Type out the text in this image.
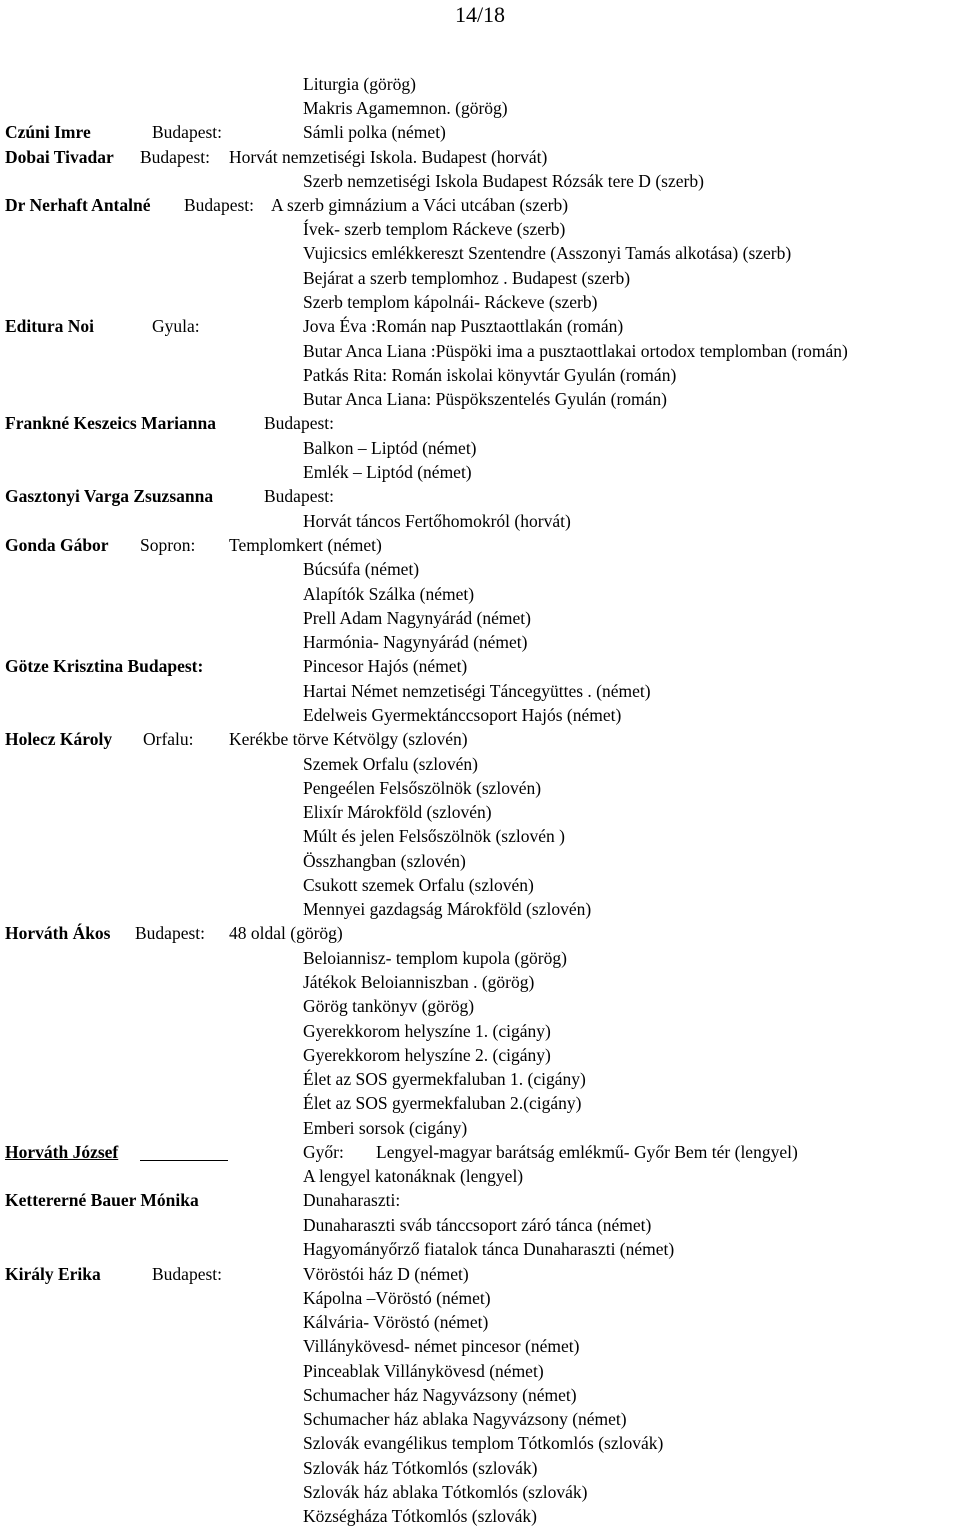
14/18
Liturgia (görög)
Makris Agamemnon. (görög)
Czúni Imre	Budapest:	Sámli polka (német)
Dobai Tivadar Budapest: Horvát nemzetiségi Iskola. Budapest (horvát)
Szerb nemzetiségi Iskola Budapest Rózsák tere D (szerb)
Dr Nerhaft Antalné Budapest: A szerb gimnázium a Váci utcában (szerb)
Ívek- szerb templom Ráckeve (szerb)
Vujicsics emlékkereszt Szentendre (Asszonyi Tamás alkotása) (szerb)
Bejárat a szerb templomhoz . Budapest (szerb)
Szerb templom kápolnái- Ráckeve (szerb)
Editura Noi	Gyula:	Jova Éva :Román nap Pusztaottlakán (román)
Butar Anca Liana :Püspöki ima a pusztaottlakai ortodox templomban (román)
Patkás Rita: Román iskolai könyvtár Gyulán (román)
Butar Anca Liana: Püspökszentelés Gyulán (román)
Frankné Keszeics Marianna	Budapest:
Balkon – Liptód (német)
Emlék – Liptód (német)
Gasztonyi Varga Zsuzsanna	Budapest:
Horvát táncos Fertőhomokról (horvát)
Gonda Gábor Sopron: Templomkert (német)
Búcsúfa (német)
Alapítók Szálka (német)
Prell Adam Nagynyárád (német)
Harmónia- Nagynyárád (német)
Götze Krisztina Budapest:	Pincesor Hajós (német)
Hartai Német nemzetiségi Táncegyüttes . (német)
Edelweis Gyermektánccsoport Hajós (német)
Holecz Károly Orfalu: Kerékbe törve Kétvölgy (szlovén)
Szemek Orfalu (szlovén)
Pengeélen Felsőszölnök (szlovén)
Elixír Márokföld (szlovén)
Múlt és jelen Felsőszölnök (szlovén )
Összhangban (szlovén)
Csukott szemek Orfalu (szlovén)
Mennyei gazdagság Márokföld (szlovén)
Horváth Ákos Budapest: 48 oldal (görög)
Beloiannisz- templom kupola (görög)
Játékok Beloianniszban . (görög)
Görög tankönyv (görög)
Gyerekkorom helyszíne 1. (cigány)
Gyerekkorom helyszíne 2. (cigány)
Élet az SOS gyermekfaluban 1. (cigány)
Élet az SOS gyermekfaluban 2.(cigány)
Emberi sorsok (cigány)
Horváth József	Győr: Lengyel-magyar barátság emlékmű- Győr Bem tér (lengyel)
A lengyel katonáknak (lengyel)
Kettererné Bauer Mónika	Dunaharaszti:
Dunaharaszti sváb tánccsoport záró tánca (német)
Hagyományőrző fiatalok tánca Dunaharaszti (német)
Király Erika	Budapest:	Vöröstói ház D (német)
Kápolna –Vöröstó (német)
Kálvária- Vöröstó (német)
Villánykövesd- német pincesor (német)
Pinceablak Villánykövesd (német)
Schumacher ház Nagyvázsony (német)
Schumacher ház ablaka Nagyvázsony (német)
Szlovák evangélikus templom Tótkomlós (szlovák)
Szlovák ház Tótkomlós (szlovák)
Szlovák ház ablaka Tótkomlós (szlovák)
Községháza Tótkomlós (szlovák)
